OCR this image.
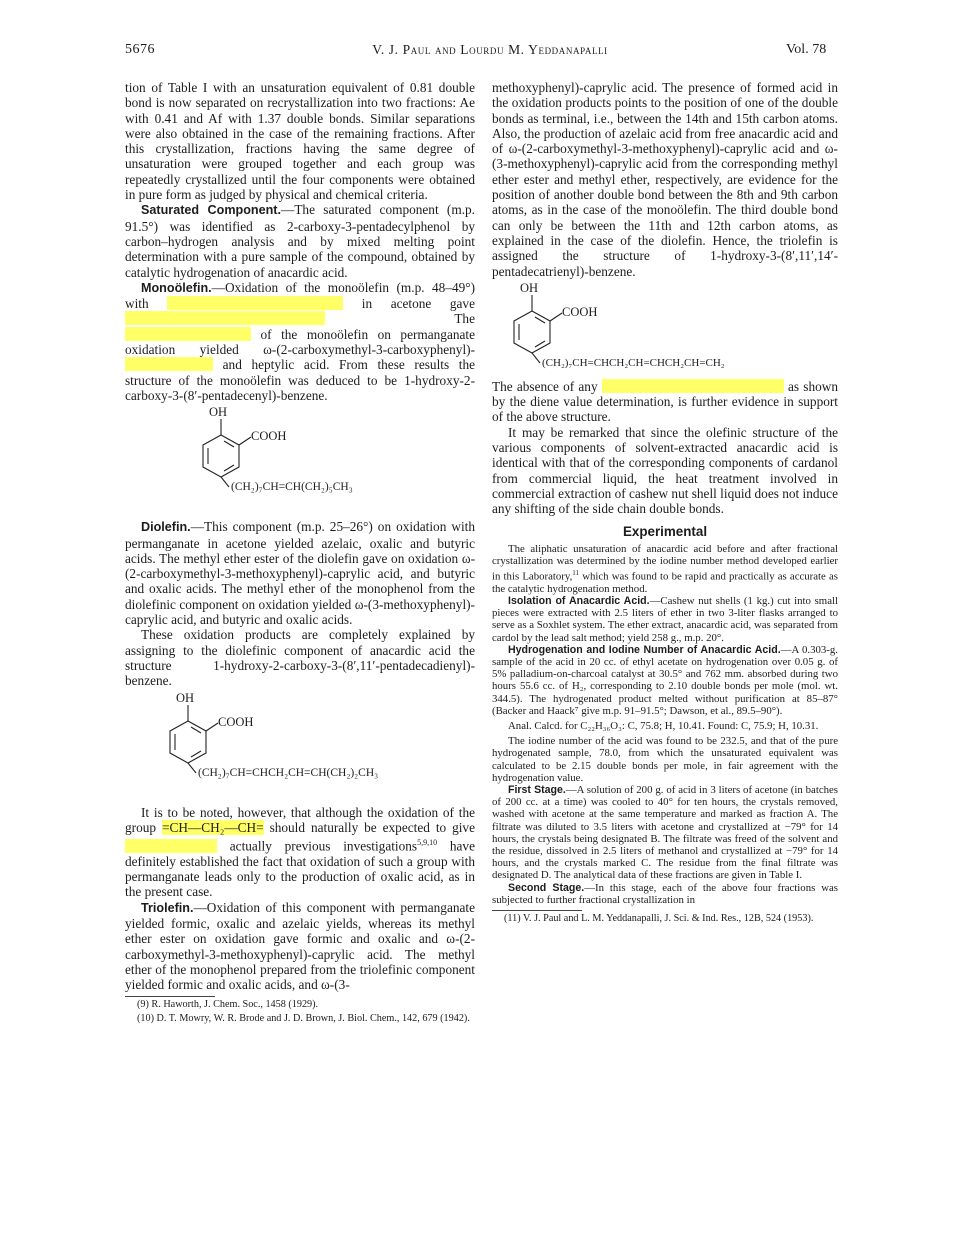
5676	V. J. Paul and Lourdu M. Yeddanapalli	Vol. 78

tion of Table I with an unsaturation equivalent of 0.81 double bond is now separated on recrystallization into two fractions: Ae with 0.41 and Af with 1.37 double bonds. Similar separations were also obtained in the case of the remaining fractions. After this crystallization, fractions having the same degree of unsaturation were grouped together and each group was repeatedly crystallized until the four components were obtained in pure form as judged by physical and chemical criteria.

Saturated Component.—The saturated component (m.p. 91.5°) was identified as 2-carboxy-3-pentadecylphenol by carbon–hydrogen analysis and by mixed melting point determination with a pure sample of the compound, obtained by catalytic hydrogenation of anacardic acid.

Monoölefin.—Oxidation of the monoölefin (m.p. 48–49°) with	in acetone gave  The  of the monoölefin on permanganate oxidation yielded ω-(2-carboxymethyl-3-carboxyphenyl)- and heptylic acid. From these results the structure of the monoölefin was deduced to be 1-hydroxy-2-carboxy-3-(8′-pentadecenyl)-benzene.

OH
COOH
(CH₂)₇CH=CH(CH₂)₅CH₃

Diolefin.—This component (m.p. 25–26°) on oxidation with permanganate in acetone yielded azelaic, oxalic and butyric acids. The methyl ether ester of the diolefin gave on oxidation ω-(2-carboxymethyl-3-methoxyphenyl)-caprylic acid, and butyric and oxalic acids. The methyl ether of the monophenol from the diolefinic component on oxidation yielded ω-(3-methoxyphenyl)-caprylic acid, and butyric and oxalic acids.

These oxidation products are completely explained by assigning to the diolefinic component of anacardic acid the structure 1-hydroxy-2-carboxy-3-(8′,11′-pentadecadienyl)-benzene.

OH
COOH
(CH₂)₇CH=CHCH₂CH=CH(CH₂)₂CH₃

It is to be noted, however, that although the oxidation of the group =CH—CH₂—CH= should naturally be expected to give  actually previous investigations$^{5,9,10}$ have definitely established the fact that oxidation of such a group with permanganate leads only to the production of oxalic acid, as in the present case.

Triolefin.—Oxidation of this component with permanganate yielded formic, oxalic and azelaic yields, whereas its methyl ether ester on oxidation gave formic and oxalic and ω-(2-carboxymethyl-3-methoxyphenyl)-caprylic acid. The methyl ether of the monophenol prepared from the triolefinic component yielded formic and oxalic acids, and ω-(3-

(9) R. Haworth, J. Chem. Soc., 1458 (1929).

(10) D. T. Mowry, W. R. Brode and J. D. Brown, J. Biol. Chem., 142, 679 (1942).

methoxyphenyl)-caprylic acid. The presence of formed acid in the oxidation products points to the position of one of the double bonds as terminal, i.e., between the 14th and 15th carbon atoms. Also, the production of azelaic acid from free anacardic acid and of ω-(2-carboxymethyl-3-methoxyphenyl)-caprylic acid and ω-(3-methoxyphenyl)-caprylic acid from the corresponding methyl ether ester and methyl ether, respectively, are evidence for the position of another double bond between the 8th and 9th carbon atoms, as in the case of the monoölefin. The third double bond can only be between the 11th and 12th carbon atoms, as explained in the case of the diolefin. Hence, the triolefin is assigned the structure of 1-hydroxy-3-(8′,11′,14′-pentadecatrienyl)-benzene.

OH
COOH
(CH₂)₇CH=CHCH₂CH=CHCH₂CH=CH₂

The absence of any	as shown by the diene value determination, is further evidence in support of the above structure.

It may be remarked that since the olefinic structure of the various components of solvent-extracted anacardic acid is identical with that of the corresponding components of cardanol from commercial liquid, the heat treatment involved in commercial extraction of cashew nut shell liquid does not induce any shifting of the side chain double bonds.

Experimental

The aliphatic unsaturation of anacardic acid before and after fractional crystallization was determined by the iodine number method developed earlier in this Laboratory,$^{11}$ which was found to be rapid and practically as accurate as the catalytic hydrogenation method.

Isolation of Anacardic Acid.—Cashew nut shells (1 kg.) cut into small pieces were extracted with 2.5 liters of ether in two 3-liter flasks arranged to serve as a Soxhlet system. The ether extract, anacardic acid, was separated from cardol by the lead salt method; yield 258 g., m.p. 20°.

Hydrogenation and Iodine Number of Anacardic Acid.—A 0.303-g. sample of the acid in 20 cc. of ethyl acetate on hydrogenation over 0.05 g. of 5% palladium-on-charcoal catalyst at 30.5° and 762 mm. absorbed during two hours 55.6 cc. of H₂, corresponding to 2.10 double bonds per mole (mol. wt. 344.5). The hydrogenated product melted without purification at 85–87° (Backer and Haack⁷ give m.p. 91–91.5°; Dawson, et al., 89.5–90°).

Anal. Calcd. for C₂₂H₃₆O₃: C, 75.8; H, 10.41. Found: C, 75.9; H, 10.31.

The iodine number of the acid was found to be 232.5, and that of the pure hydrogenated sample, 78.0, from which the unsaturated equivalent was calculated to be 2.15 double bonds per mole, in fair agreement with the hydrogenation value.

First Stage.—A solution of 200 g. of acid in 3 liters of acetone (in batches of 200 cc. at a time) was cooled to 40° for ten hours, the crystals removed, washed with acetone at the same temperature and marked as fraction A. The filtrate was diluted to 3.5 liters with acetone and crystallized at −79° for 14 hours, the crystals being designated B. The filtrate was freed of the solvent and the residue, dissolved in 2.5 liters of methanol and crystallized at −79° for 14 hours, and the crystals marked C. The residue from the final filtrate was designated D. The analytical data of these fractions are given in Table I.

Second Stage.—In this stage, each of the above four fractions was subjected to further fractional crystallization in

(11) V. J. Paul and L. M. Yeddanapalli, J. Sci. & Ind. Res., 12B, 524 (1953).
